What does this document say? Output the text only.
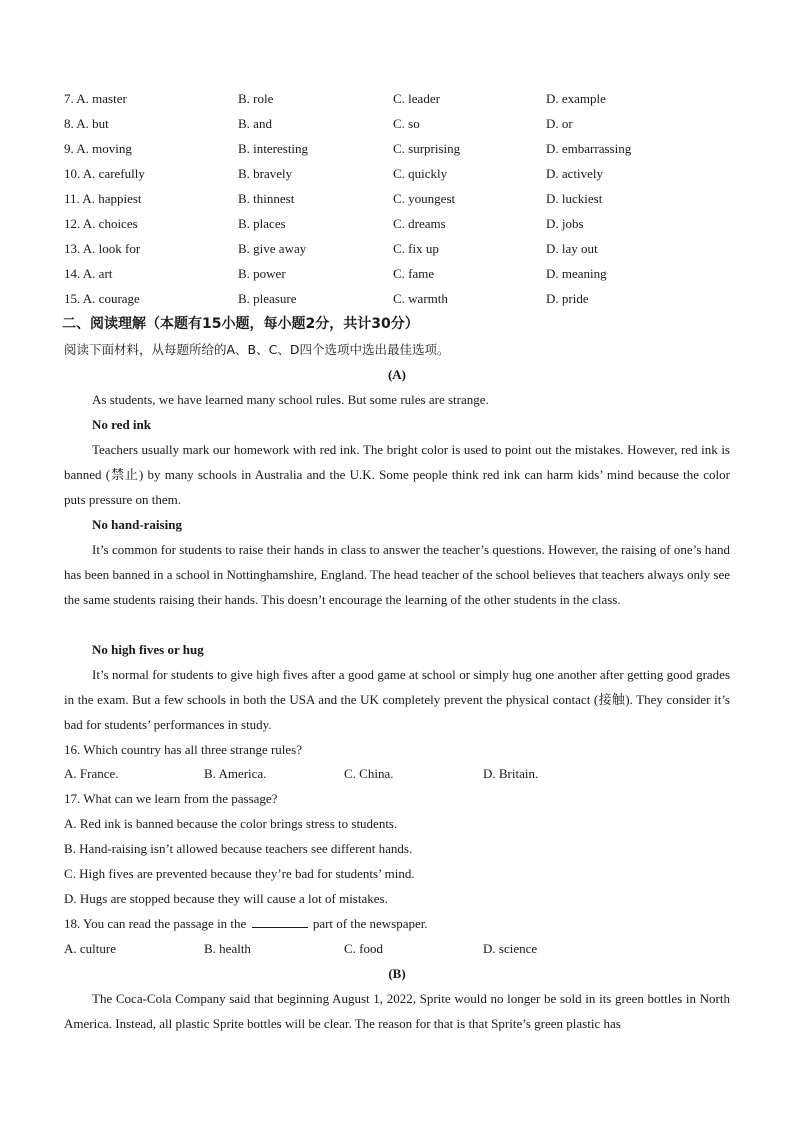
7. A. master	B. role	C. leader	D. example
8. A. but	B. and	C. so	D. or
9. A. moving	B. interesting	C. surprising	D. embarrassing
10. A. carefully	B. bravely	C. quickly	D. actively
11. A. happiest	B. thinnest	C. youngest	D. luckiest
12. A. choices	B. places	C. dreams	D. jobs
13. A. look for	B. give away	C. fix up	D. lay out
14. A. art	B. power	C. fame	D. meaning
15. A. courage	B. pleasure	C. warmth	D. pride
二、阅读理解（本题有15小题，每小题2分，共计30分）
阅读下面材料，从每题所给的A、B、C、D四个选项中选出最佳选项。
(A)
As students, we have learned many school rules. But some rules are strange.
No red ink
Teachers usually mark our homework with red ink. The bright color is used to point out the mistakes. However, red ink is banned (禁止) by many schools in Australia and the U.K. Some people think red ink can harm kids’ mind because the color puts pressure on them.
No hand-raising
It’s common for students to raise their hands in class to answer the teacher’s questions. However, the raising of one’s hand has been banned in a school in Nottinghamshire, England. The head teacher of the school believes that teachers always only see the same students raising their hands. This doesn’t encourage the learning of the other students in the class.
No high fives or hug
It’s normal for students to give high fives after a good game at school or simply hug one another after getting good grades in the exam. But a few schools in both the USA and the UK completely prevent the physical contact (接触). They consider it’s bad for students’ performances in study.
16. Which country has all three strange rules?
A. France.	B. America.	C. China.	D. Britain.
17. What can we learn from the passage?
A. Red ink is banned because the color brings stress to students.
B. Hand-raising isn’t allowed because teachers see different hands.
C. High fives are prevented because they’re bad for students’ mind.
D. Hugs are stopped because they will cause a lot of mistakes.
18. You can read the passage in the	part of the newspaper.
A. culture	B. health	C. food	D. science
(B)
The Coca-Cola Company said that beginning August 1, 2022, Sprite would no longer be sold in its green bottles in North America. Instead, all plastic Sprite bottles will be clear. The reason for that is that Sprite’s green plastic has
